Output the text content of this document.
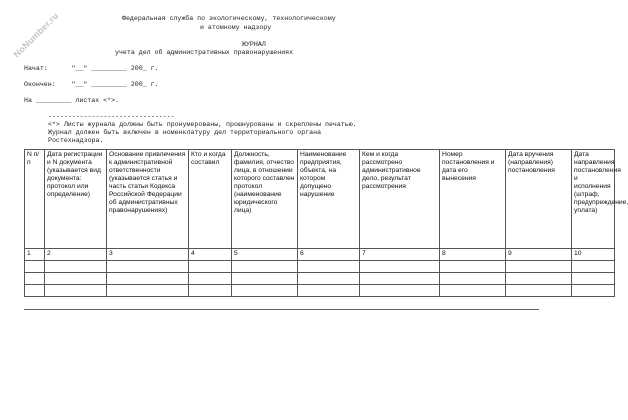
NoNumber.ru	Федеральная служба по экологическому, технологическому
и атомному надзору
ЖУРНАЛ
учета дел об административных правонарушениях
Начат:      "__" _________ 200_ г.
Окончен:    "__" _________ 200_ г.
На _________ листах <*>.
--------------------------------
<*> Листы журнала должны быть пронумерованы, прошнурованы и скреплены печатью. Журнал должен быть включен в номенклатуру дел территориального органа Ростехнадзора.
N п/п	Дата регистрации и N документа (указывается вид документа: протокол или определение)	Основание привлечения к административной ответственности (указывается статья и часть статьи Кодекса Российской Федерации об административных правонарушениях)	Кто и когда составил	Должность, фамилия, отчество лица, в отношении которого составлен протокол (наименование юридического лица)	Наименование предприятия, объекта, на котором допущено нарушение	Кем и когда рассмотрено административное дело, результат рассмотрения	Номер постановления и дата его вынесения	Дата вручения (направления) постановления	Дата направления постановления и исполнения (штраф, предупреждение, уплата)
1	2	3	4	5	6	7	8	9	10
